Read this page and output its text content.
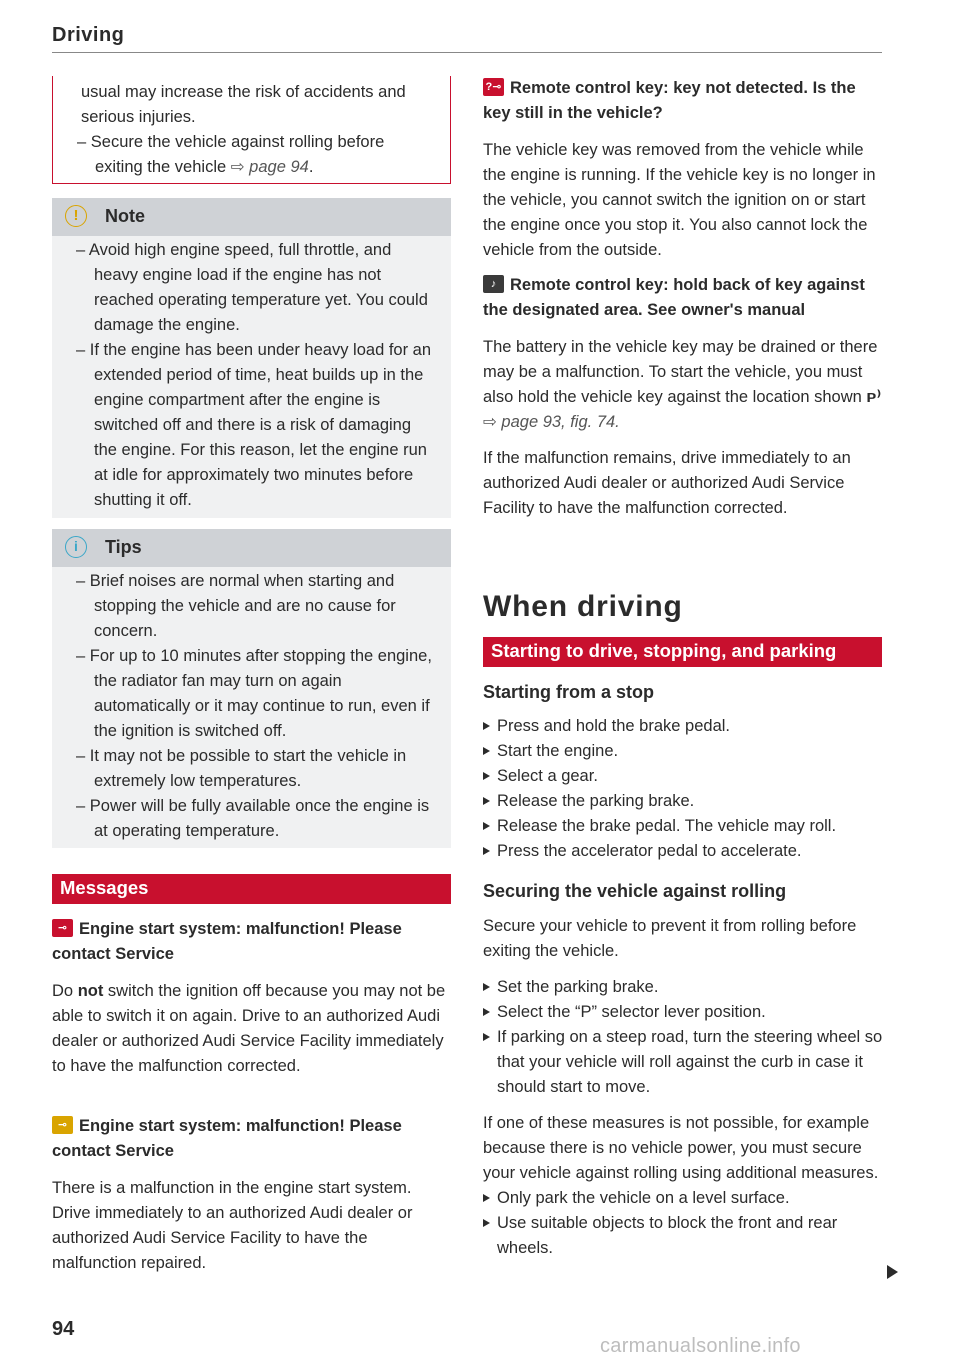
Driving

usual may increase the risk of accidents and serious injuries.

– Secure the vehicle against rolling before exiting the vehicle ⇨ page 94.

!	Note

– Avoid high engine speed, full throttle, and heavy engine load if the engine has not reached operating temperature yet. You could damage the engine.

– If the engine has been under heavy load for an extended period of time, heat builds up in the engine compartment after the engine is switched off and there is a risk of damaging the engine. For this reason, let the engine run at idle for approximately two minutes before shutting it off.

i	Tips

– Brief noises are normal when starting and stopping the vehicle and are no cause for concern.

– For up to 10 minutes after stopping the engine, the radiator fan may turn on again automatically or it may continue to run, even if the ignition is switched off.

– It may not be possible to start the vehicle in extremely low temperatures.

– Power will be fully available once the engine is at operating temperature.

Messages

⊸ Engine start system: malfunction! Please contact Service

Do not switch the ignition off because you may not be able to switch it on again. Drive to an authorized Audi dealer or authorized Audi Service Facility immediately to have the malfunction corrected.

⊸ Engine start system: malfunction! Please contact Service

There is a malfunction in the engine start system. Drive immediately to an authorized Audi dealer or authorized Audi Service Facility to have the malfunction repaired.

94

?⊸ Remote control key: key not detected. Is the key still in the vehicle?

The vehicle key was removed from the vehicle while the engine is running. If the vehicle key is no longer in the vehicle, you cannot switch the ignition on or start the engine once you stop it. You also cannot lock the vehicle from the outside.

♪ Remote control key: hold back of key against the designated area. See owner's manual

The battery in the vehicle key may be drained or there may be a malfunction. To start the vehicle, you must also hold the vehicle key against the location shown ᴘ⁾ ⇨ page 93, fig. 74.

If the malfunction remains, drive immediately to an authorized Audi dealer or authorized Audi Service Facility to have the malfunction corrected.

When driving
Starting to drive, stopping, and parking

Starting from a stop

Press and hold the brake pedal.

Start the engine.

Select a gear.

Release the parking brake.

Release the brake pedal. The vehicle may roll.

Press the accelerator pedal to accelerate.

Securing the vehicle against rolling

Secure your vehicle to prevent it from rolling before exiting the vehicle.

Set the parking brake.

Select the “P” selector lever position.

If parking on a steep road, turn the steering wheel so that your vehicle will roll against the curb in case it should start to move.

If one of these measures is not possible, for example because there is no vehicle power, you must secure your vehicle against rolling using additional measures.

Only park the vehicle on a level surface.

Use suitable objects to block the front and rear wheels.

carmanualsonline.info
